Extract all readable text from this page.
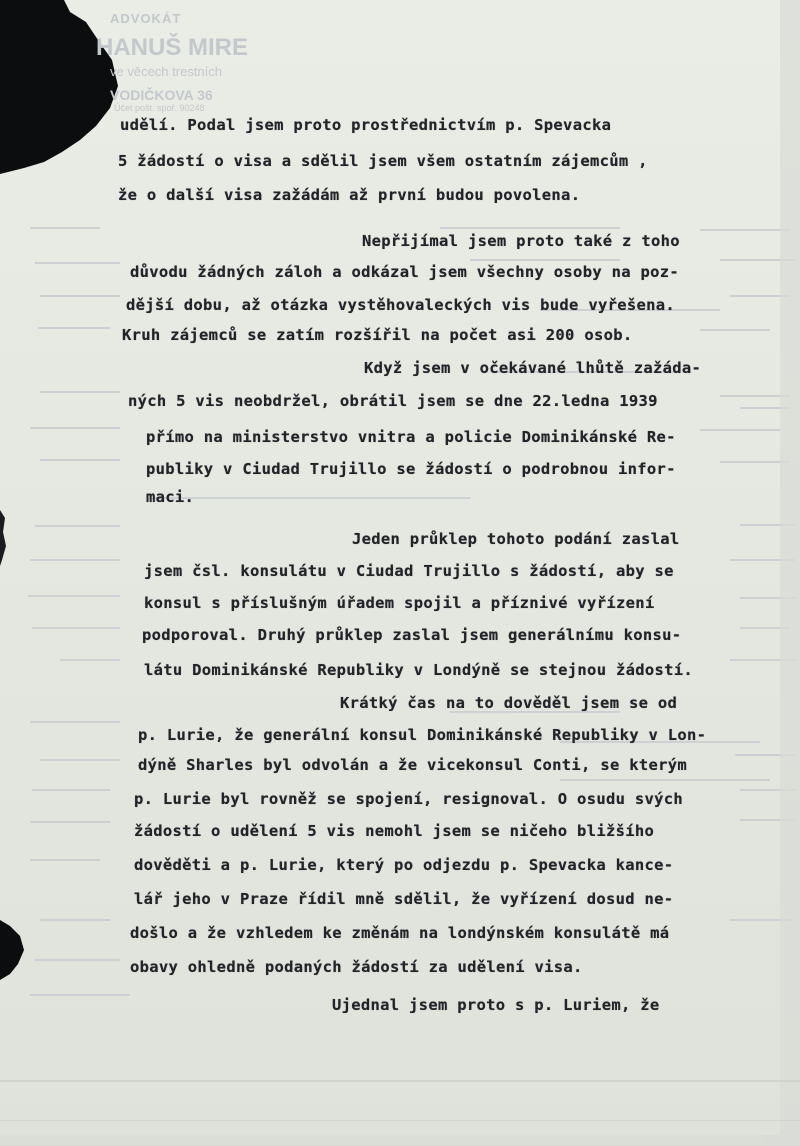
ADVOKÁT
HANUŠ MIRE
ve věcech trestních
VODIČKOVA 36
Účet pošt. spoř. 90248
udělí. Podal jsem proto prostřednictvím p. Spevacka
5 žádostí o visa a sdělil jsem všem ostatním zájemcům ,
že o další visa zažádám až první budou povolena.
Nepřijímal jsem proto také z toho
důvodu žádných záloh a odkázal jsem všechny osoby na poz-
dější dobu, až otázka vystěhovaleckých vis bude vyřešena.
Kruh zájemců se zatím rozšířil na počet asi 200 osob.
Když jsem v očekávané lhůtě zažáda-
ných 5 vis neobdržel, obrátil jsem se dne 22.ledna 1939
přímo na ministerstvo vnitra a policie Dominikánské Re-
publiky v Ciudad Trujillo se žádostí o podrobnou infor-
maci.
Jeden průklep tohoto podání zaslal
jsem čsl. konsulátu v Ciudad Trujillo s žádostí, aby se
konsul s příslušným úřadem spojil a příznivé vyřízení
podporoval. Druhý průklep zaslal jsem generálnímu konsu-
látu Dominikánské Republiky v Londýně se stejnou žádostí.
Krátký čas na to dověděl jsem se od
p. Lurie, že generální konsul Dominikánské Republiky v Lon-
dýně Sharles byl odvolán a že vicekonsul Conti, se kterým
p. Lurie byl rovněž se spojení, resignoval. O osudu svých
žádostí o udělení 5 vis nemohl jsem se ničeho bližšího
dověděti a p. Lurie, který po odjezdu p. Spevacka kance-
lář jeho v Praze řídil mně sdělil, že vyřízení dosud ne-
došlo a že vzhledem ke změnám na londýnském konsulátě má
obavy ohledně podaných žádostí za udělení visa.
Ujednal jsem proto s p. Luriem, že
